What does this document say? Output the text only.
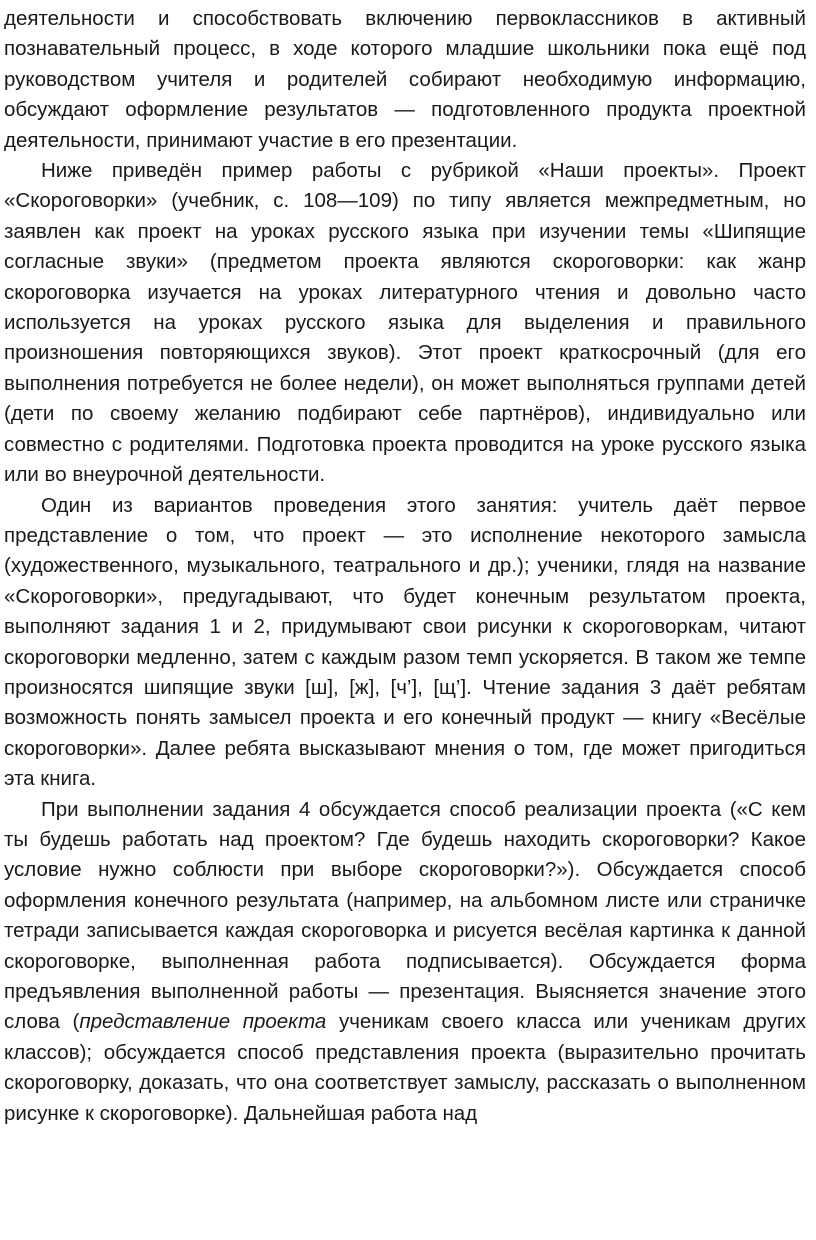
деятельности и способствовать включению первоклассников в активный познавательный процесс, в ходе которого младшие школьники пока ещё под руководством учителя и родителей собирают необходимую информацию, обсуждают оформление результатов — подготовленного продукта проектной деятельности, принимают участие в его презентации.

Ниже приведён пример работы с рубрикой «Наши проекты». Проект «Скороговорки» (учебник, с. 108—109) по типу является межпредметным, но заявлен как проект на уроках русского языка при изучении темы «Шипящие согласные звуки» (предметом проекта являются скороговорки: как жанр скороговорка изучается на уроках литературного чтения и довольно часто используется на уроках русского языка для выделения и правильного произношения повторяющихся звуков). Этот проект краткосрочный (для его выполнения потребуется не более недели), он может выполняться группами детей (дети по своему желанию подбирают себе партнёров), индивидуально или совместно с родителями. Подготовка проекта проводится на уроке русского языка или во внеурочной деятельности.

Один из вариантов проведения этого занятия: учитель даёт первое представление о том, что проект — это исполнение некоторого замысла (художественного, музыкального, театрального и др.); ученики, глядя на название «Скороговорки», предугадывают, что будет конечным результатом проекта, выполняют задания 1 и 2, придумывают свои рисунки к скороговоркам, читают скороговорки медленно, затем с каждым разом темп ускоряется. В таком же темпе произносятся шипящие звуки [ш], [ж], [ч’], [щ’]. Чтение задания 3 даёт ребятам возможность понять замысел проекта и его конечный продукт — книгу «Весёлые скороговорки». Далее ребята высказывают мнения о том, где может пригодиться эта книга.

При выполнении задания 4 обсуждается способ реализации проекта («С кем ты будешь работать над проектом? Где будешь находить скороговорки? Какое условие нужно соблюсти при выборе скороговорки?»). Обсуждается способ оформления конечного результата (например, на альбомном листе или страничке тетради записывается каждая скороговорка и рисуется весёлая картинка к данной скороговорке, выполненная работа подписывается). Обсуждается форма предъявления выполненной работы — презентация. Выясняется значение этого слова (представление проекта ученикам своего класса или ученикам других классов); обсуждается способ представления проекта (выразительно прочитать скороговорку, доказать, что она соответствует замыслу, рассказать о выполненном рисунке к скороговорке). Дальнейшая работа над
